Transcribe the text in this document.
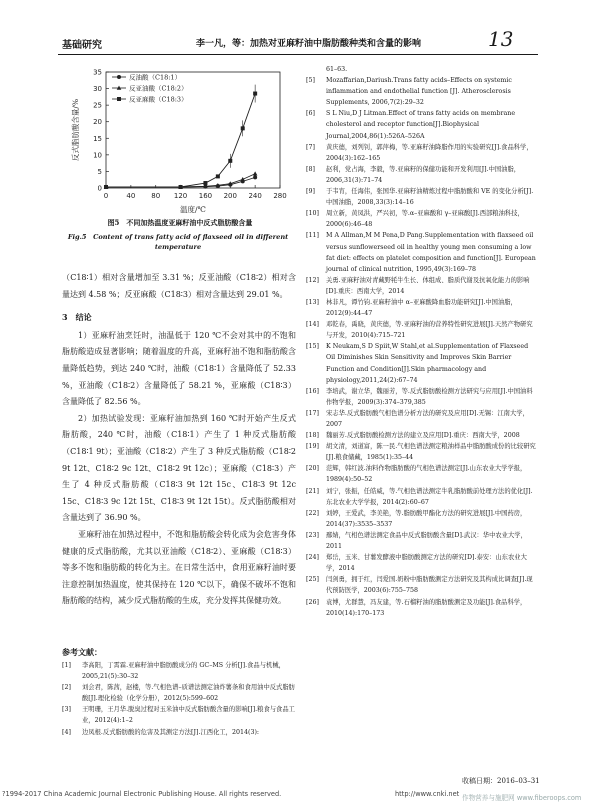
基础研究	李一凡，等：加热对亚麻籽油中脂肪酸种类和含量的影响	13
0	40 80 120 160 200 240 280
0
5
10
15
20
25
30
35
温度/℃
反式脂肪酸含量/%
反油酸（C18:1）
反亚油酸（C18:2）
反亚麻酸（C18:3）
图5　不同加热温度亚麻籽油中反式脂肪酸含量
Fig.5　Content of trans fatty acid of flaxseed oil in different
temperature

（C18∶1）相对含量增加至 3.31 %；反亚油酸（C18∶2）相对含量达到 4.58 %；反亚麻酸（C18∶3）相对含量达到 29.01 %。

3　结论

1）亚麻籽油烹饪时，油温低于 120 ℃不会对其中的不饱和脂肪酸造成显著影响；随着温度的升高，亚麻籽油不饱和脂肪酸含量降低趋势，到达 240 ℃时，油酸（C18∶1）含量降低了 52.33 %，亚油酸（C18∶2）含量降低了 58.21 %，亚麻酸（C18∶3）含量降低了 82.56 %。

2）加热试验发现：亚麻籽油加热到 160 ℃时开始产生反式脂肪酸，240 ℃时，油酸（C18∶1）产生了 1 种反式脂肪酸（C18∶1 9t）；亚油酸（C18∶2）产生了 3 种反式脂肪酸（C18∶2 9t 12t、C18∶2 9c 12t、C18∶2 9t 12c）；亚麻酸（C18∶3）产生了 4 种反式脂肪酸（C18∶3 9t 12t 15c、C18∶3 9t 12c 15c、C18∶3 9c 12t 15t、C18∶3 9t 12t 15t）。反式脂肪酸相对含量达到了 36.90 %。

亚麻籽油在加热过程中，不饱和脂肪酸会转化成为会危害身体健康的反式脂肪酸，尤其以亚油酸（C18∶2）、亚麻酸（C18∶3）等多不饱和脂肪酸的转化为主。在日常生活中，食用亚麻籽油时要注意控制加热温度，使其保持在 120 ℃以下，确保不破坏不饱和脂肪酸的结构，减少反式脂肪酸的生成，充分发挥其保健功效。

参考文献：
[1]	李高阳，丁霄霖.亚麻籽油中脂肪酸成分的 GC–MS 分析[J].食品与机械，2005,21(5):30–32
[2]	刘会君，陈茜，赵楼，等.气相色谱–质谱法测定油炸薯条和食用油中反式脂肪酸[J].理化检验（化学分册），2012(5):599–602
[3]	王明珊，王月华.脱臭过程对玉米油中反式脂肪酸含量的影响[J].粮食与食品工业，2012(4):1–2
[4]	边凤根.反式脂肪酸的危害及其测定方法[J].江西化工，2014(3):
61–63.
[5]	Mozaffarian,Dariush.Trans fatty acids–Effects on systemic inflammation and endothelial function [J]. Atherosclerosis Supplements, 2006,7(2):29–32
[6]	S L Niu,D J Litman.Effect of trans fatty acids on membrane cholesterol and receptor function[J].Biophysical Journal,2004,86(1):526A–526A
[7]	黄庆德，刘列钊，郭萍梅，等.亚麻籽油降脂作用的实验研究[J].食品科学，2004(3):162–165
[8]	赵利，党占海，李毅，等.亚麻籽的保健功能和开发利用[J].中国油脂，2006,31(3):71–74
[9]	于韦宵，任海伟，张国华.亚麻籽油精炼过程中脂肪酸和 VE 的变化分析[J].中国油脂，2008,33(3):14–16
[10]	周立新，黄凤洪，严兴初，等.α–亚麻酸和 γ–亚麻酸[J].西部粮油科技，2000(6):46–48
[11]	M A Allman,M M Pena,D Pang.Supplementation with flaxseed oil versus sunflowerseed oil in healthy young men consuming a low fat diet: effects on platelet composition and function[J]. European journal of clinical nutrition, 1995,49(3):169–78
[12]	关勇.亚麻籽油对青藏野牦牛生长、体组成、脂质代谢及抗氧化能力的影响[D].重庆：西南大学，2014
[13]	林非凡，谭竹钧.亚麻籽油中 α–亚麻酸降血脂功能研究[J].中国油脂，2012(9):44–47
[14]	邓乾春，禹晓，黄庆德，等.亚麻籽油的营养特性研究进展[J].天然产物研究与开发，2010(4):715–721
[15]	K Neukam,S D Spiit,W Stahl,et al.Supplementation of Flaxseed Oil Diminishes Skin Sensitivity and Improves Skin Barrier Function and Condition[J].Skin pharmacology and physiology,2011,24(2):67–74
[16]	李培武，谢立华，魏丽芳，等.反式脂肪酸检测方法研究与应用[J].中国油料作物学报，2009(3):374–379,385
[17]	宋志华.反式脂肪酸气相色谱分析方法的研究及应用[D].无锡：江南大学，2007
[18]	魏丽芳.反式脂肪酸检测方法的建立及应用[D].重庆：西南大学，2008
[19]	胡文清，刘道富，陈一民.气相色谱法测定粮油样品中脂肪酸成份的比较研究[J].粮食储藏，1985(1):35–44
[20]	范辉，韩红波.油料作物脂肪酸的气相色谱法测定[J].山东农业大学学报，1989(4):50–52
[21]	刘宁，张振，任皓威，等.气相色谱法测定牛乳脂肪酸前处理方法的优化[J].东北农业大学学报，2014(2):60–67
[22]	刘婷，王爱武，李美艳，等.脂肪酸甲酯化方法的研究进展[J].中国药房，2014(37):3535–3537
[23]	鄢婧，气相色谱法测定食品中反式脂肪酸含量[D].武汉：华中农业大学，2011
[24]	郑岳，玉米、甘薯发酵液中脂肪酸测定方法的研究[D].泰安：山东农业大学，2014
[25]	闫剑勇，拥于红，闫爱国.奶粉中脂肪酸测定方法研究及其构成比调查[J].现代预防医学，2003(6):755–758
[26]	袁博，尤群慧，冯友建，等.石榴籽油的脂肪酸测定及功能[J].食品科学，2010(14):170–173
收稿日期：2016–03–31
?1994-2017 China Academic Journal Electronic Publishing House. All rights reserved.	http://www.cnki.net 作物营养与施肥网 www.fiberoops.com
